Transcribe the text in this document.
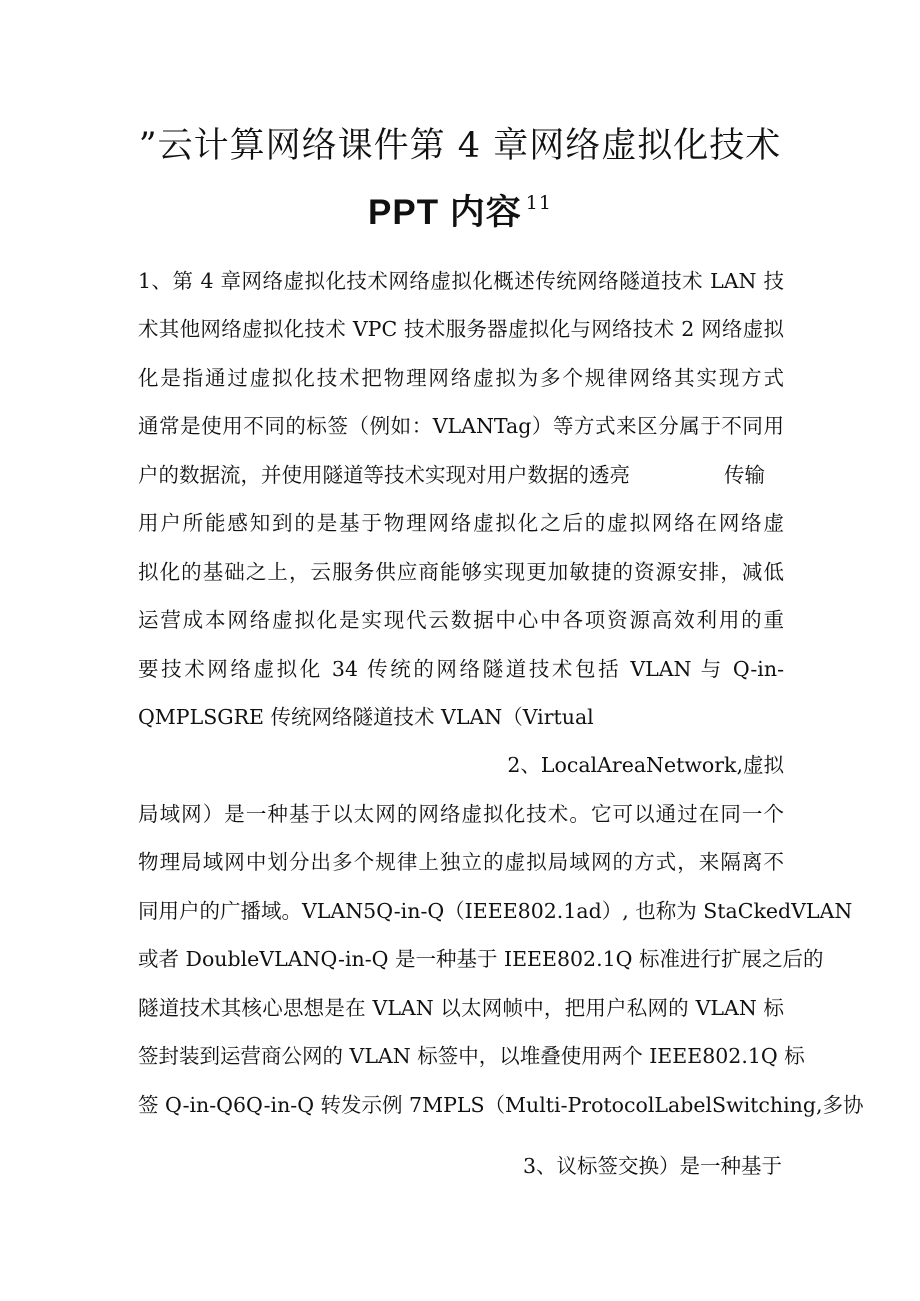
”云计算网络课件第 4 章网络虚拟化技术
PPT 内容 $^{11}$
1、第 4 章网络虚拟化技术网络虚拟化概述传统网络隧道技术 LAN 技
术其他网络虚拟化技术 VPC 技术服务器虚拟化与网络技术 2 网络虚拟
化是指通过虚拟化技术把物理网络虚拟为多个规律网络其实现方式
通常是使用不同的标签（例如：VLANTag）等方式来区分属于不同用
户的数据流，并使用隧道等技术实现对用户数据的透亮	传输
用户所能感知到的是基于物理网络虚拟化之后的虚拟网络在网络虚
拟化的基础之上，云服务供应商能够实现更加敏捷的资源安排，减低
运营成本网络虚拟化是实现代云数据中心中各项资源高效利用的重
要技术网络虚拟化 34 传统的网络隧道技术包括 VLAN 与 Q-in-
QMPLSGRE 传统网络隧道技术 VLAN（Virtual
2、LocalAreaNetwork,虚拟
局域网）是一种基于以太网的网络虚拟化技术。它可以通过在同一个
物理局域网中划分出多个规律上独立的虚拟局域网的方式，来隔离不
同用户的广播域。VLAN5Q-in-Q（IEEE802.1ad）, 也称为 StaCkedVLAN
或者 DoubleVLANQ-in-Q 是一种基于 IEEE802.1Q 标准进行扩展之后的
隧道技术其核心思想是在 VLAN 以太网帧中，把用户私网的 VLAN 标
签封装到运营商公网的 VLAN 标签中，以堆叠使用两个 IEEE802.1Q 标
签 Q-in-Q6Q-in-Q 转发示例 7MPLS（Multi-ProtocolLabelSwitching,多协
3、议标签交换）是一种基于
